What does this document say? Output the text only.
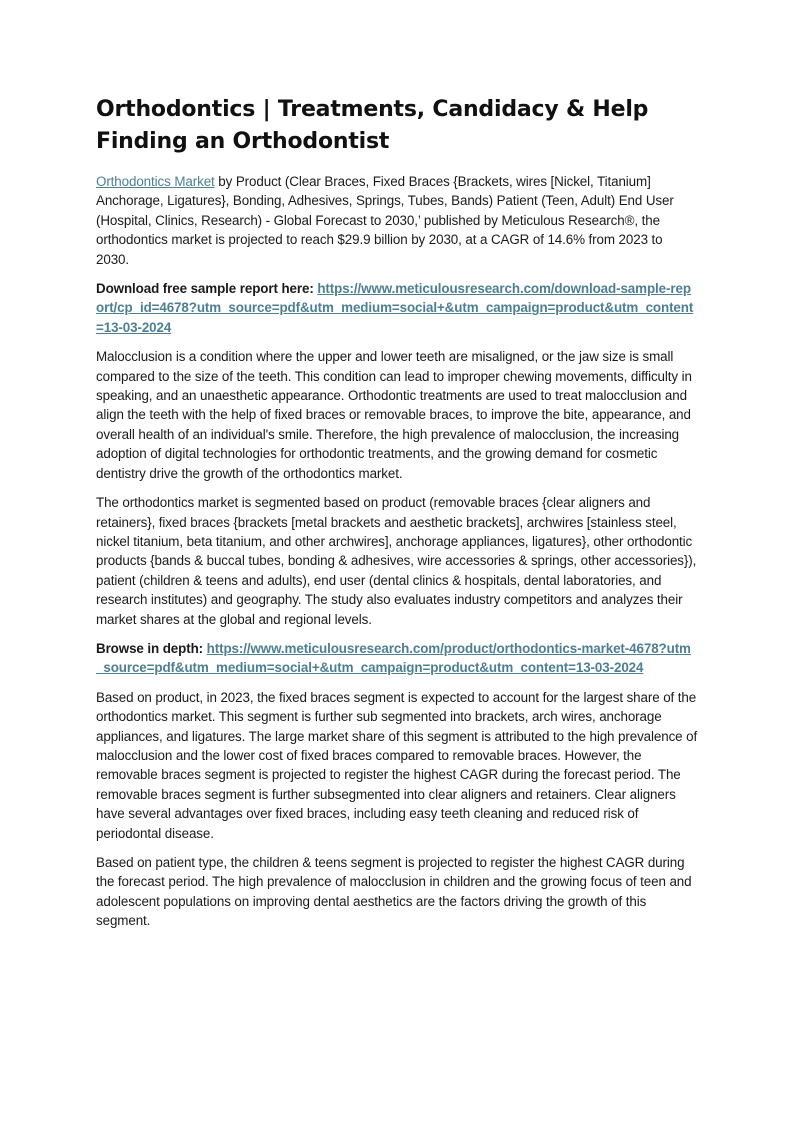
Orthodontics | Treatments, Candidacy & Help Finding an Orthodontist

Orthodontics Market by Product (Clear Braces, Fixed Braces {Brackets, wires [Nickel, Titanium] Anchorage, Ligatures}, Bonding, Adhesives, Springs, Tubes, Bands) Patient (Teen, Adult) End User (Hospital, Clinics, Research) - Global Forecast to 2030,’ published by Meticulous Research®, the orthodontics market is projected to reach $29.9 billion by 2030, at a CAGR of 14.6% from 2023 to 2030.

Download free sample report here: https://www.meticulousresearch.com/download-sample-report/cp_id=4678?utm_source=pdf&utm_medium=social+&utm_campaign=product&utm_content=13-03-2024

Malocclusion is a condition where the upper and lower teeth are misaligned, or the jaw size is small compared to the size of the teeth. This condition can lead to improper chewing movements, difficulty in speaking, and an unaesthetic appearance. Orthodontic treatments are used to treat malocclusion and align the teeth with the help of fixed braces or removable braces, to improve the bite, appearance, and overall health of an individual's smile. Therefore, the high prevalence of malocclusion, the increasing adoption of digital technologies for orthodontic treatments, and the growing demand for cosmetic dentistry drive the growth of the orthodontics market.

The orthodontics market is segmented based on product (removable braces {clear aligners and retainers}, fixed braces {brackets [metal brackets and aesthetic brackets], archwires [stainless steel, nickel titanium, beta titanium, and other archwires], anchorage appliances, ligatures}, other orthodontic products {bands & buccal tubes, bonding & adhesives, wire accessories & springs, other accessories}), patient (children & teens and adults), end user (dental clinics & hospitals, dental laboratories, and research institutes) and geography. The study also evaluates industry competitors and analyzes their market shares at the global and regional levels.

Browse in depth: https://www.meticulousresearch.com/product/orthodontics-market-4678?utm_source=pdf&utm_medium=social+&utm_campaign=product&utm_content=13-03-2024

Based on product, in 2023, the fixed braces segment is expected to account for the largest share of the orthodontics market. This segment is further sub segmented into brackets, arch wires, anchorage appliances, and ligatures. The large market share of this segment is attributed to the high prevalence of malocclusion and the lower cost of fixed braces compared to removable braces. However, the removable braces segment is projected to register the highest CAGR during the forecast period. The removable braces segment is further subsegmented into clear aligners and retainers. Clear aligners have several advantages over fixed braces, including easy teeth cleaning and reduced risk of periodontal disease.

Based on patient type, the children & teens segment is projected to register the highest CAGR during the forecast period. The high prevalence of malocclusion in children and the growing focus of teen and adolescent populations on improving dental aesthetics are the factors driving the growth of this segment.
